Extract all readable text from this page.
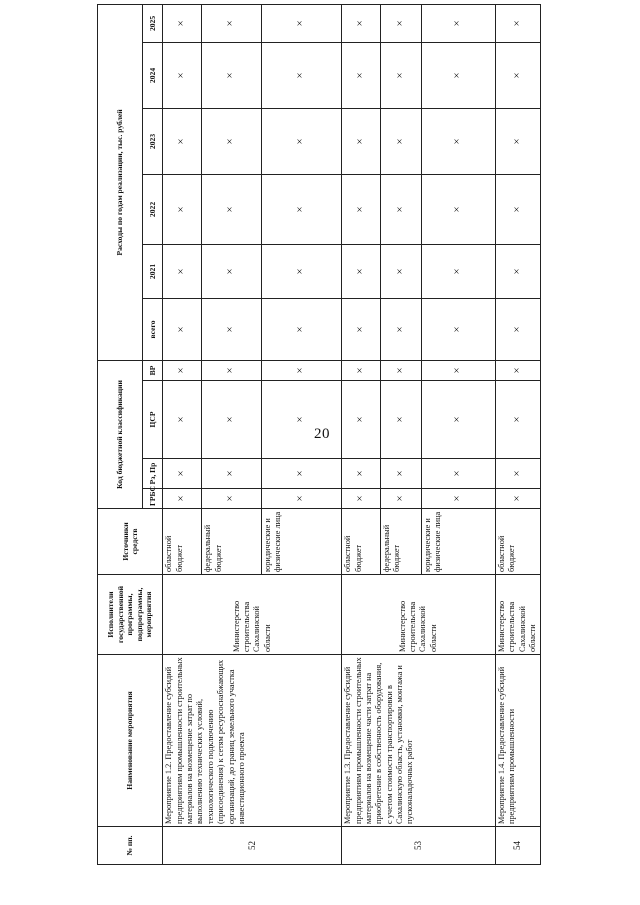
20
№ пп.	Наименование мероприятия	Исполнители государственной программы, подпрограммы, мероприятия	Источники средств	Код бюджетной классификации				Расходы по годам реализации, тыс. рублей					
				ГРБС	Рз, Пр	ЦСР	ВР	всего	2021	2022	2023	2024	2025
52	Мероприятие 1.2. Предоставление субсидий предприятиям промышленности строительных материалов на возмещение затрат по выполнению технических условий, технологического подключению (присоединения) к сетям ресурсоснабжающих организаций, до границ земельного участка инвестиционного проекта	Министерство строительства Сахалинской области	областной бюджет	×	×	×	×	×	×	×	×	×	×
			федеральный бюджет	×	×	×	×	×	×	×	×	×	×
			юридические и физические лица	×	×	×	×	×	×	×	×	×	×
53	Мероприятие 1.3. Предоставление субсидий предприятиям промышленности строительных материалов на возмещение части затрат на приобретение в собственность оборудования, с учетом стоимости транспортировки в Сахалинскую область, установки, монтажа и пусконаладочных работ	Министерство строительства Сахалинской области	областной бюджет	×	×	×	×	×	×	×	×	×	×
			федеральный бюджет	×	×	×	×	×	×	×	×	×	×
			юридические и физические лица	×	×	×	×	×	×	×	×	×	×
54	Мероприятие 1.4. Предоставление субсидий предприятиям промышленности	Министерство строительства Сахалинской области	областной бюджет	×	×	×	×	×	×	×	×	×	×
